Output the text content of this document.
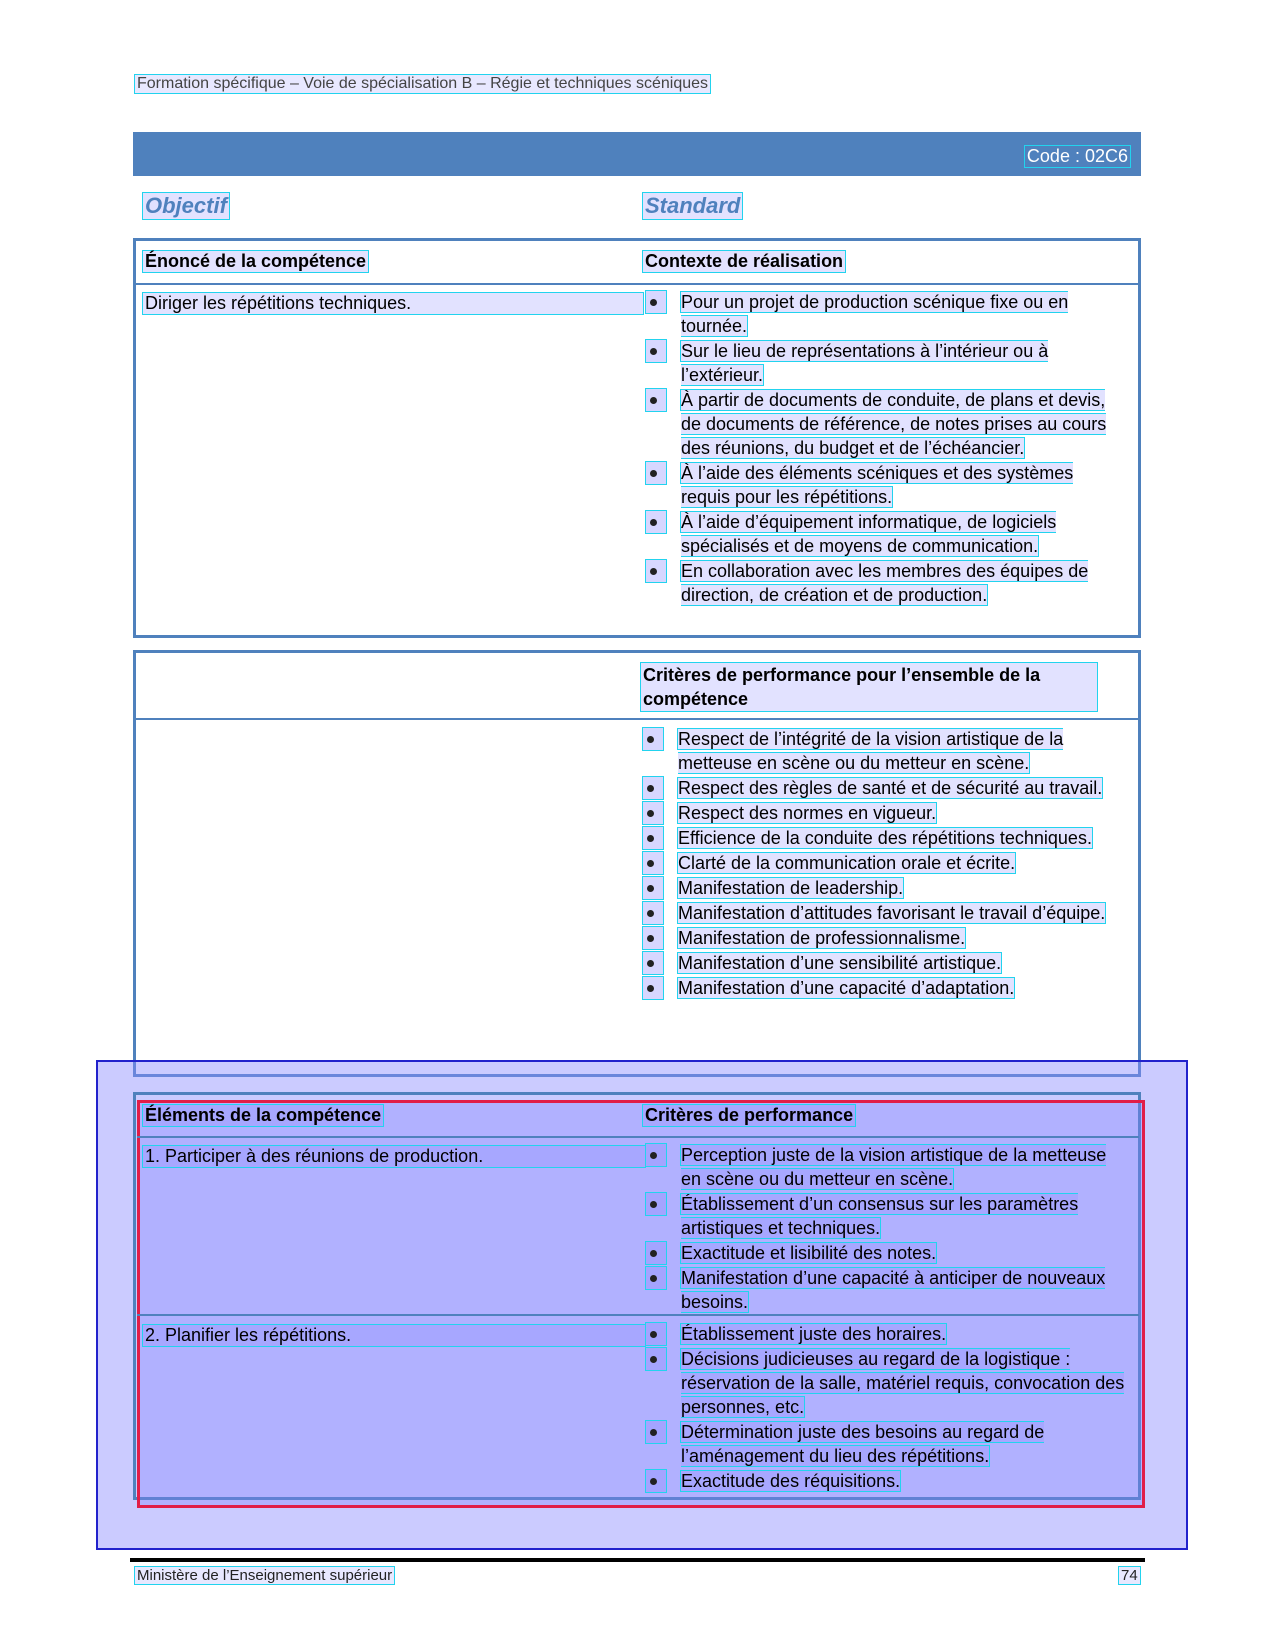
Formation spécifique – Voie de spécialisation B – Régie et techniques scéniques
Code : 02C6
Objectif	Standard
Énoncé de la compétence	Contexte de réalisation
Diriger les répétitions techniques.	Pour un projet de production scénique fixe ou en tournée.
Sur le lieu de représentations à l’intérieur ou à l’extérieur.
À partir de documents de conduite, de plans et devis, de documents de référence, de notes prises au cours des réunions, du budget et de l’échéancier.
À l’aide des éléments scéniques et des systèmes requis pour les répétitions.
À l’aide d’équipement informatique, de logiciels spécialisés et de moyens de communication.
En collaboration avec les membres des équipes de direction, de création et de production.
Critères de performance pour l’ensemble de la compétence
Respect de l’intégrité de la vision artistique de la metteuse en scène ou du metteur en scène.
Respect des règles de santé et de sécurité au travail.
Respect des normes en vigueur.
Efficience de la conduite des répétitions techniques.
Clarté de la communication orale et écrite.
Manifestation de leadership.
Manifestation d’attitudes favorisant le travail d’équipe.
Manifestation de professionnalisme.
Manifestation d’une sensibilité artistique.
Manifestation d’une capacité d’adaptation.
Éléments de la compétence	Critères de performance
1. Participer à des réunions de production.	Perception juste de la vision artistique de la metteuse en scène ou du metteur en scène.
Établissement d’un consensus sur les paramètres artistiques et techniques.
Exactitude et lisibilité des notes.
Manifestation d’une capacité à anticiper de nouveaux besoins.
2. Planifier les répétitions.	Établissement juste des horaires.
Décisions judicieuses au regard de la logistique : réservation de la salle, matériel requis, convocation des personnes, etc.
Détermination juste des besoins au regard de l’aménagement du lieu des répétitions.
Exactitude des réquisitions.
Ministère de l’Enseignement supérieur	74
